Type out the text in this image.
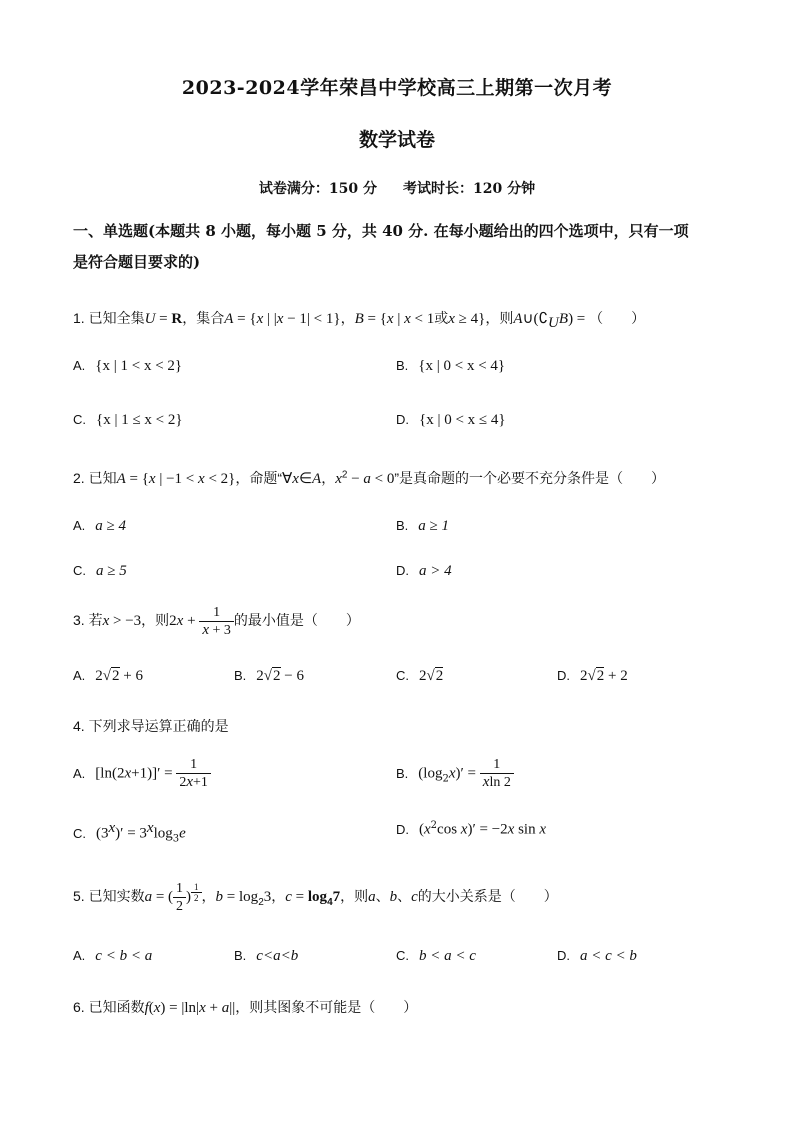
2023-2024学年荣昌中学校高三上期第一次月考
数学试卷
试卷满分：150 分 考试时长：120 分钟
一、单选题(本题共 8 小题，每小题 5 分，共 40 分. 在每小题给出的四个选项中，只有一项
是符合题目要求的)
1. 已知全集U = R，集合A = {x | |x − 1| < 1}，B = {x | x < 1或x ≥ 4}，则$A\cup(∁_UB)$ = （　　）
A. {x | 1 < x < 2}	B. {x | 0 < x < 4}
C. {x | 1 ≤ x < 2}	D. {x | 0 < x ≤ 4}
2. 已知A = {x | −1 < x < 2}，命题“∀x∈A，$x^2 - a < 0$”是真命题的一个必要不充分条件是（　　）
A. a ≥ 4	B. a ≥ 1
C. a ≥ 5	D. a > 4
3. 若x > −3，则$2x + \frac{1}{x + 3}$ 的最小值是（　　）
A. 2√2 + 6	B. 2√2 − 6	C. 2√2	D. 2√2 + 2
4. 下列求导运算正确的是
A. $[\ln(2x+1)]' = \frac{1}{2x+1}$	B. $(\log_2x)' = \frac{1}{xln 2}$
C. $(3^x)' = 3^x\log_3e$	D. ($x^2\cos$ x)′ = −2x sin x
5. 已知实数a = ( $\frac{1}{2}$ ) $^{\frac{1}{2}}$ ，$b = \log_23$，$c = \log_47$，则a、b、c的大小关系是（　　）
A. c < b < a	B. c<a<b	C. b < a < c	D. a < c < b
6. 已知函数f(x) = |ln|x + a||，则其图象不可能是（　　）
